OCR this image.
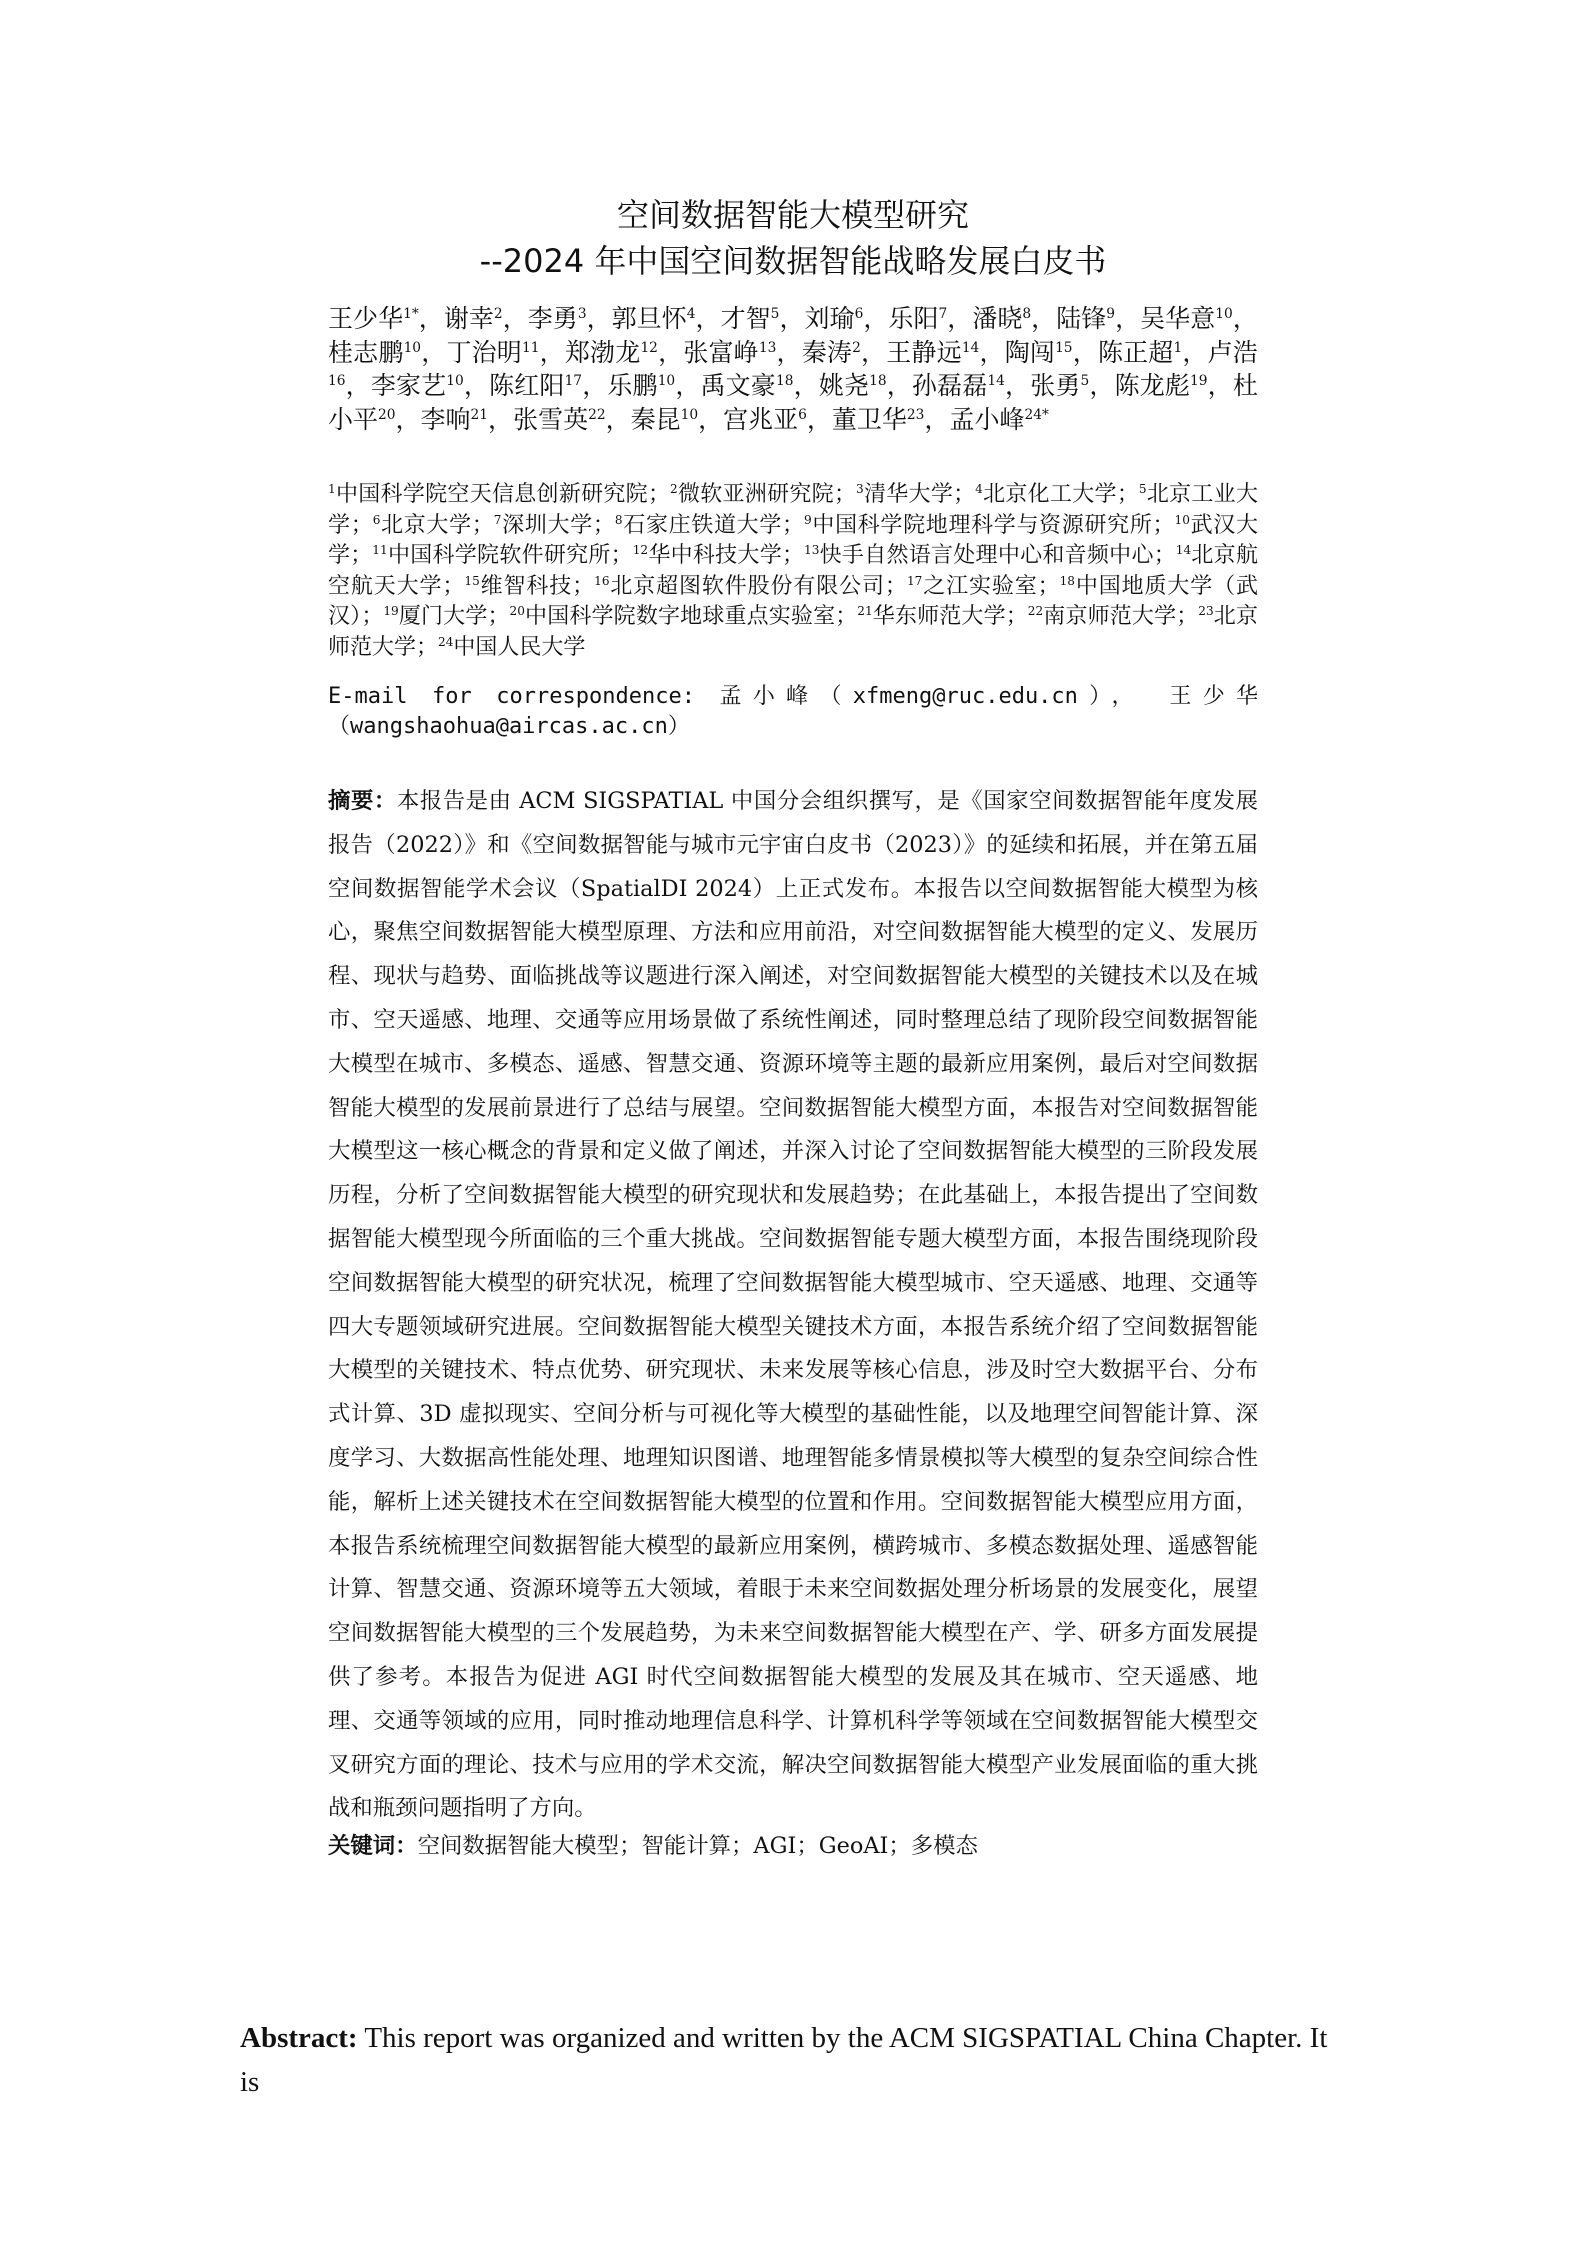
空间数据智能大模型研究
--2024 年中国空间数据智能战略发展白皮书
王少华$^{1*}$，谢幸$^2$，李勇$^3$，郭旦怀$^4$，才智$^5$，刘瑜$^6$，乐阳$^7$，潘晓$^8$，陆锋$^9$，吴华意$^{10}$，桂志鹏$^{10}$，丁治明$^{11}$，郑渤龙$^{12}$，张富峥$^{13}$，秦涛$^2$，王静远$^{14}$，陶闯$^{15}$，陈正超$^1$，卢浩$^{16}$，李家艺$^{10}$，陈红阳$^{17}$，乐鹏$^{10}$，禹文豪$^{18}$，姚尧$^{18}$，孙磊磊$^{14}$，张勇$^5$，陈龙彪$^{19}$，杜小平$^{20}$，李响$^{21}$，张雪英$^{22}$，秦昆$^{10}$，宫兆亚$^6$，董卫华$^{23}$，孟小峰$^{24*}$
$^1$中国科学院空天信息创新研究院；$^2$微软亚洲研究院；$^3$清华大学；$^4$北京化工大学；$^5$北京工业大学；$^6$北京大学；$^7$深圳大学；$^8$石家庄铁道大学；$^9$中国科学院地理科学与资源研究所；$^{10}$武汉大学；$^{11}$中国科学院软件研究所；$^{12}$华中科技大学；$^{13}$快手自然语言处理中心和音频中心；$^{14}$北京航空航天大学；$^{15}$维智科技；$^{16}$北京超图软件股份有限公司；$^{17}$之江实验室；$^{18}$中国地质大学（武汉）；$^{19}$厦门大学；$^{20}$中国科学院数字地球重点实验室；$^{21}$华东师范大学；$^{22}$南京师范大学；$^{23}$北京师范大学；$^{24}$中国人民大学
E-mail for correspondence: 孟小峰（xfmeng@ruc.edu.cn）， 王少华（wangshaohua@aircas.ac.cn）
摘要：本报告是由 ACM SIGSPATIAL 中国分会组织撰写，是《国家空间数据智能年度发展报告（2022）》和《空间数据智能与城市元宇宙白皮书（2023）》的延续和拓展，并在第五届空间数据智能学术会议（SpatialDI 2024）上正式发布。本报告以空间数据智能大模型为核心，聚焦空间数据智能大模型原理、方法和应用前沿，对空间数据智能大模型的定义、发展历程、现状与趋势、面临挑战等议题进行深入阐述，对空间数据智能大模型的关键技术以及在城市、空天遥感、地理、交通等应用场景做了系统性阐述，同时整理总结了现阶段空间数据智能大模型在城市、多模态、遥感、智慧交通、资源环境等主题的最新应用案例，最后对空间数据智能大模型的发展前景进行了总结与展望。空间数据智能大模型方面，本报告对空间数据智能大模型这一核心概念的背景和定义做了阐述，并深入讨论了空间数据智能大模型的三阶段发展历程，分析了空间数据智能大模型的研究现状和发展趋势；在此基础上，本报告提出了空间数据智能大模型现今所面临的三个重大挑战。空间数据智能专题大模型方面，本报告围绕现阶段空间数据智能大模型的研究状况，梳理了空间数据智能大模型城市、空天遥感、地理、交通等四大专题领域研究进展。空间数据智能大模型关键技术方面，本报告系统介绍了空间数据智能大模型的关键技术、特点优势、研究现状、未来发展等核心信息，涉及时空大数据平台、分布式计算、3D 虚拟现实、空间分析与可视化等大模型的基础性能，以及地理空间智能计算、深度学习、大数据高性能处理、地理知识图谱、地理智能多情景模拟等大模型的复杂空间综合性能，解析上述关键技术在空间数据智能大模型的位置和作用。空间数据智能大模型应用方面，本报告系统梳理空间数据智能大模型的最新应用案例，横跨城市、多模态数据处理、遥感智能计算、智慧交通、资源环境等五大领域，着眼于未来空间数据处理分析场景的发展变化，展望空间数据智能大模型的三个发展趋势，为未来空间数据智能大模型在产、学、研多方面发展提供了参考。本报告为促进 AGI 时代空间数据智能大模型的发展及其在城市、空天遥感、地理、交通等领域的应用，同时推动地理信息科学、计算机科学等领域在空间数据智能大模型交叉研究方面的理论、技术与应用的学术交流，解决空间数据智能大模型产业发展面临的重大挑战和瓶颈问题指明了方向。
关键词：空间数据智能大模型；智能计算；AGI；GeoAI；多模态
Abstract: This report was organized and written by the ACM SIGSPATIAL China Chapter. It is
